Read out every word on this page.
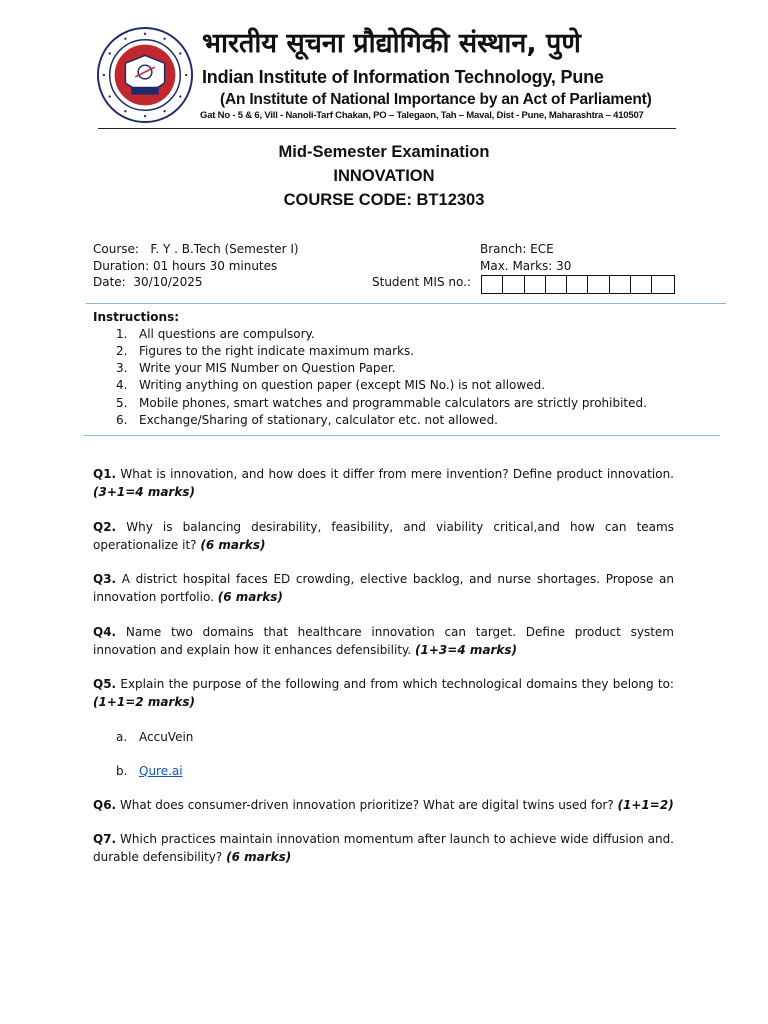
भारतीय सूचना प्रौद्योगिकी संस्थान, पुणे
Indian Institute of Information Technology, Pune
(An Institute of National Importance by an Act of Parliament)
Gat No - 5 & 6, Vill - Nanoli-Tarf Chakan, PO – Talegaon, Tah – Maval, Dist - Pune, Maharashtra – 410507
Mid-Semester Examination
INNOVATION
COURSE CODE: BT12303
Course:   F. Y . B.Tech (Semester I)
Duration: 01 hours 30 minutes
Date:  30/10/2025
Branch: ECE
Max. Marks: 30
Student MIS no.:
Instructions:
1. All questions are compulsory.
2. Figures to the right indicate maximum marks.
3. Write your MIS Number on Question Paper.
4. Writing anything on question paper (except MIS No.) is not allowed.
5. Mobile phones, smart watches and programmable calculators are strictly prohibited.
6. Exchange/Sharing of stationary, calculator etc. not allowed.

Q1. What is innovation, and how does it differ from mere invention? Define product innovation. (3+1=4 marks)

Q2. Why is balancing desirability, feasibility, and viability critical,and how can teams operationalize it? (6 marks)

Q3. A district hospital faces ED crowding, elective backlog, and nurse shortages. Propose an innovation portfolio. (6 marks)

Q4. Name two domains that healthcare innovation can target. Define product system innovation and explain how it enhances defensibility. (1+3=4 marks)

Q5. Explain the purpose of the following and from which technological domains they belong to: (1+1=2 marks)

a. AccuVein
b. Qure.ai

Q6. What does consumer-driven innovation prioritize? What are digital twins used for? (1+1=2)

Q7. Which practices maintain innovation momentum after launch to achieve wide diffusion and. durable defensibility? (6 marks)
